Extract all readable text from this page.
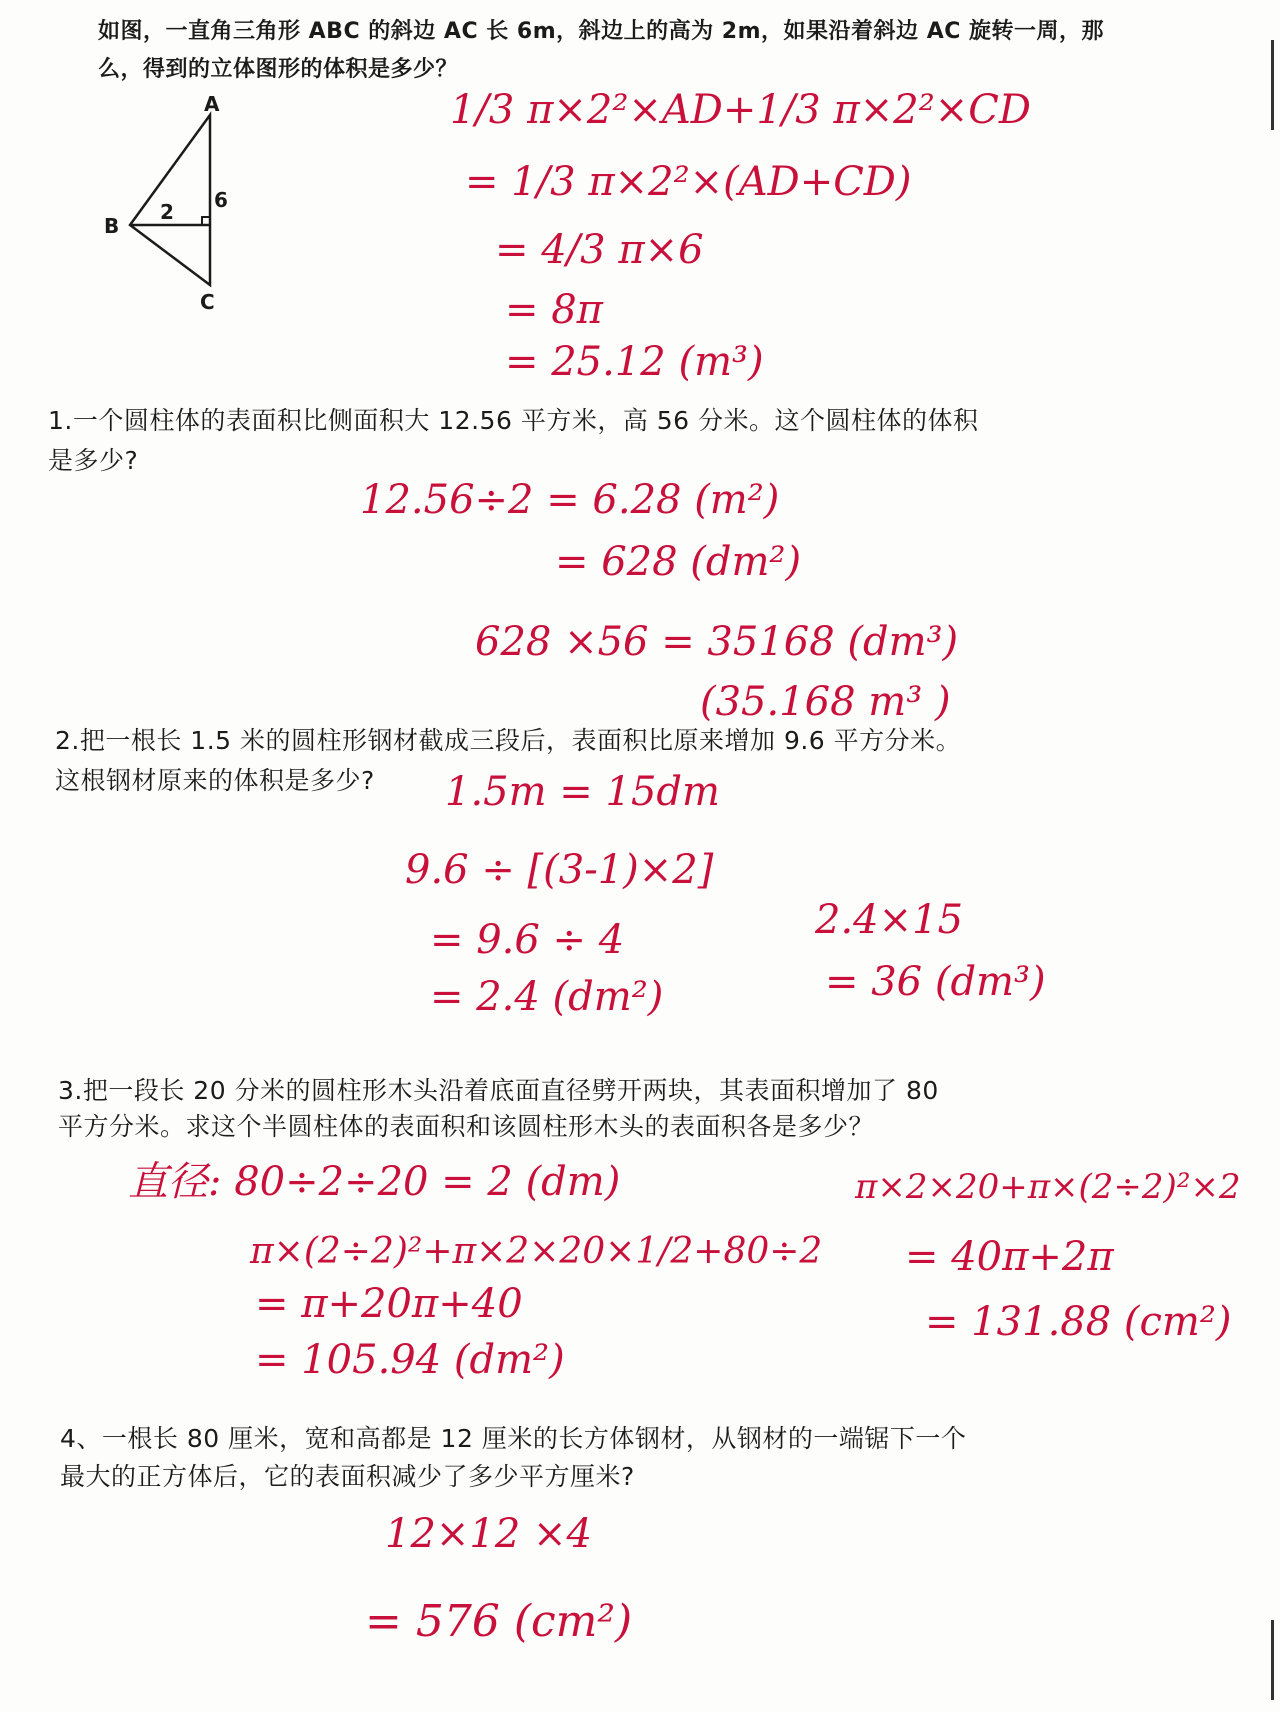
如图，一直角三角形 ABC 的斜边 AC 长 6m，斜边上的高为 2m，如果沿着斜边 AC 旋转一周，那
么，得到的立体图形的体积是多少？
A
B
C
6
2
1/3 π×2²×AD+1/3 π×2²×CD
= 1/3 π×2²×(AD+CD)
= 4/3 π×6
= 8π
= 25.12 (m³)
1.一个圆柱体的表面积比侧面积大 12.56 平方米，高 56 分米。这个圆柱体的体积
是多少?
12.56÷2 = 6.28 (m²)
= 628 (dm²)
628 ×56 = 35168 (dm³)
(35.168 m³ )
2.把一根长 1.5 米的圆柱形钢材截成三段后，表面积比原来增加 9.6 平方分米。
这根钢材原来的体积是多少? 1.5m = 15dm
9.6 ÷ [(3-1)×2]
= 9.6 ÷ 4
= 2.4 (dm²)
2.4×15
= 36 (dm³)
3.把一段长 20 分米的圆柱形木头沿着底面直径劈开两块，其表面积增加了 80
平方分米。求这个半圆柱体的表面积和该圆柱形木头的表面积各是多少？
直径: 80÷2÷20 = 2 (dm)
π×(2÷2)²+π×2×20×1/2+80÷2
= π+20π+40
= 105.94 (dm²)
π×2×20+π×(2÷2)²×2
= 40π+2π
= 131.88 (cm²)
4、一根长 80 厘米，宽和高都是 12 厘米的长方体钢材，从钢材的一端锯下一个
最大的正方体后，它的表面积减少了多少平方厘米?
12×12 ×4
= 576 (cm²)
